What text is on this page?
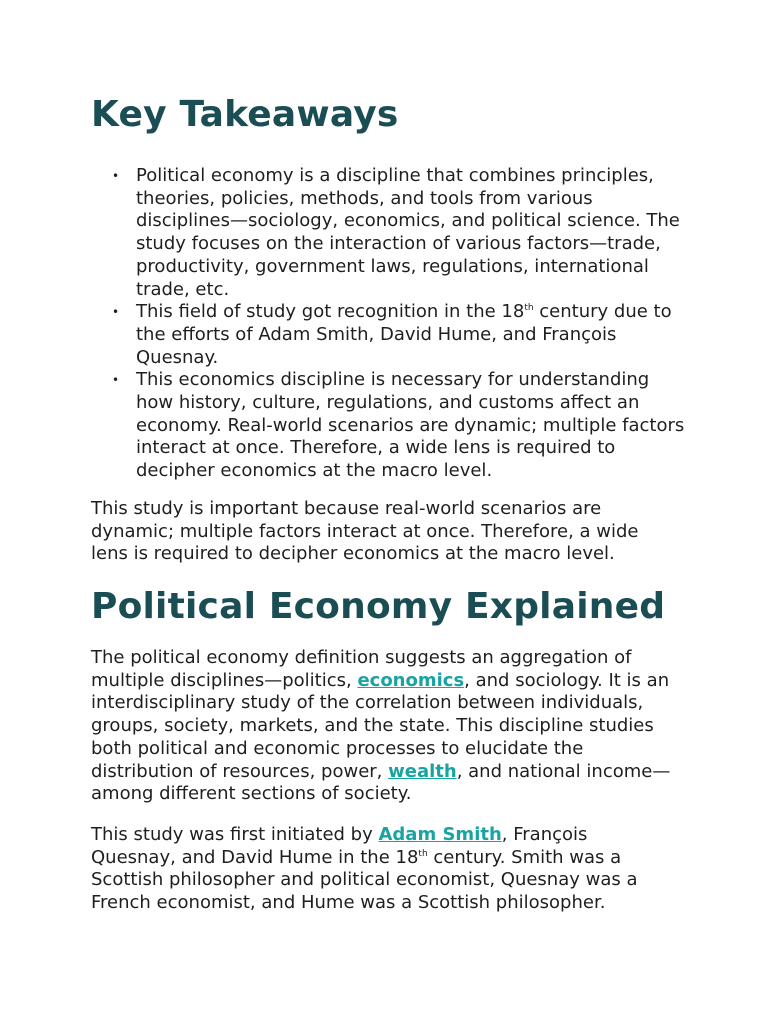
Key Takeaways
• Political economy is a discipline that combines principles, theories, policies, methods, and tools from various disciplines—sociology, economics, and political science. The study focuses on the interaction of various factors—trade, productivity, government laws, regulations, international trade, etc.
• This field of study got recognition in the 18th century due to the efforts of Adam Smith, David Hume, and François Quesnay.
• This economics discipline is necessary for understanding how history, culture, regulations, and customs affect an economy. Real-world scenarios are dynamic; multiple factors interact at once. Therefore, a wide lens is required to decipher economics at the macro level.

This study is important because real-world scenarios are dynamic; multiple factors interact at once. Therefore, a wide lens is required to decipher economics at the macro level.

Political Economy Explained

The political economy definition suggests an aggregation of multiple disciplines—politics, economics, and sociology. It is an interdisciplinary study of the correlation between individuals, groups, society, markets, and the state. This discipline studies both political and economic processes to elucidate the distribution of resources, power, wealth, and national income—among different sections of society.

This study was first initiated by Adam Smith, François Quesnay, and David Hume in the 18th century. Smith was a Scottish philosopher and political economist, Quesnay was a French economist, and Hume was a Scottish philosopher.
